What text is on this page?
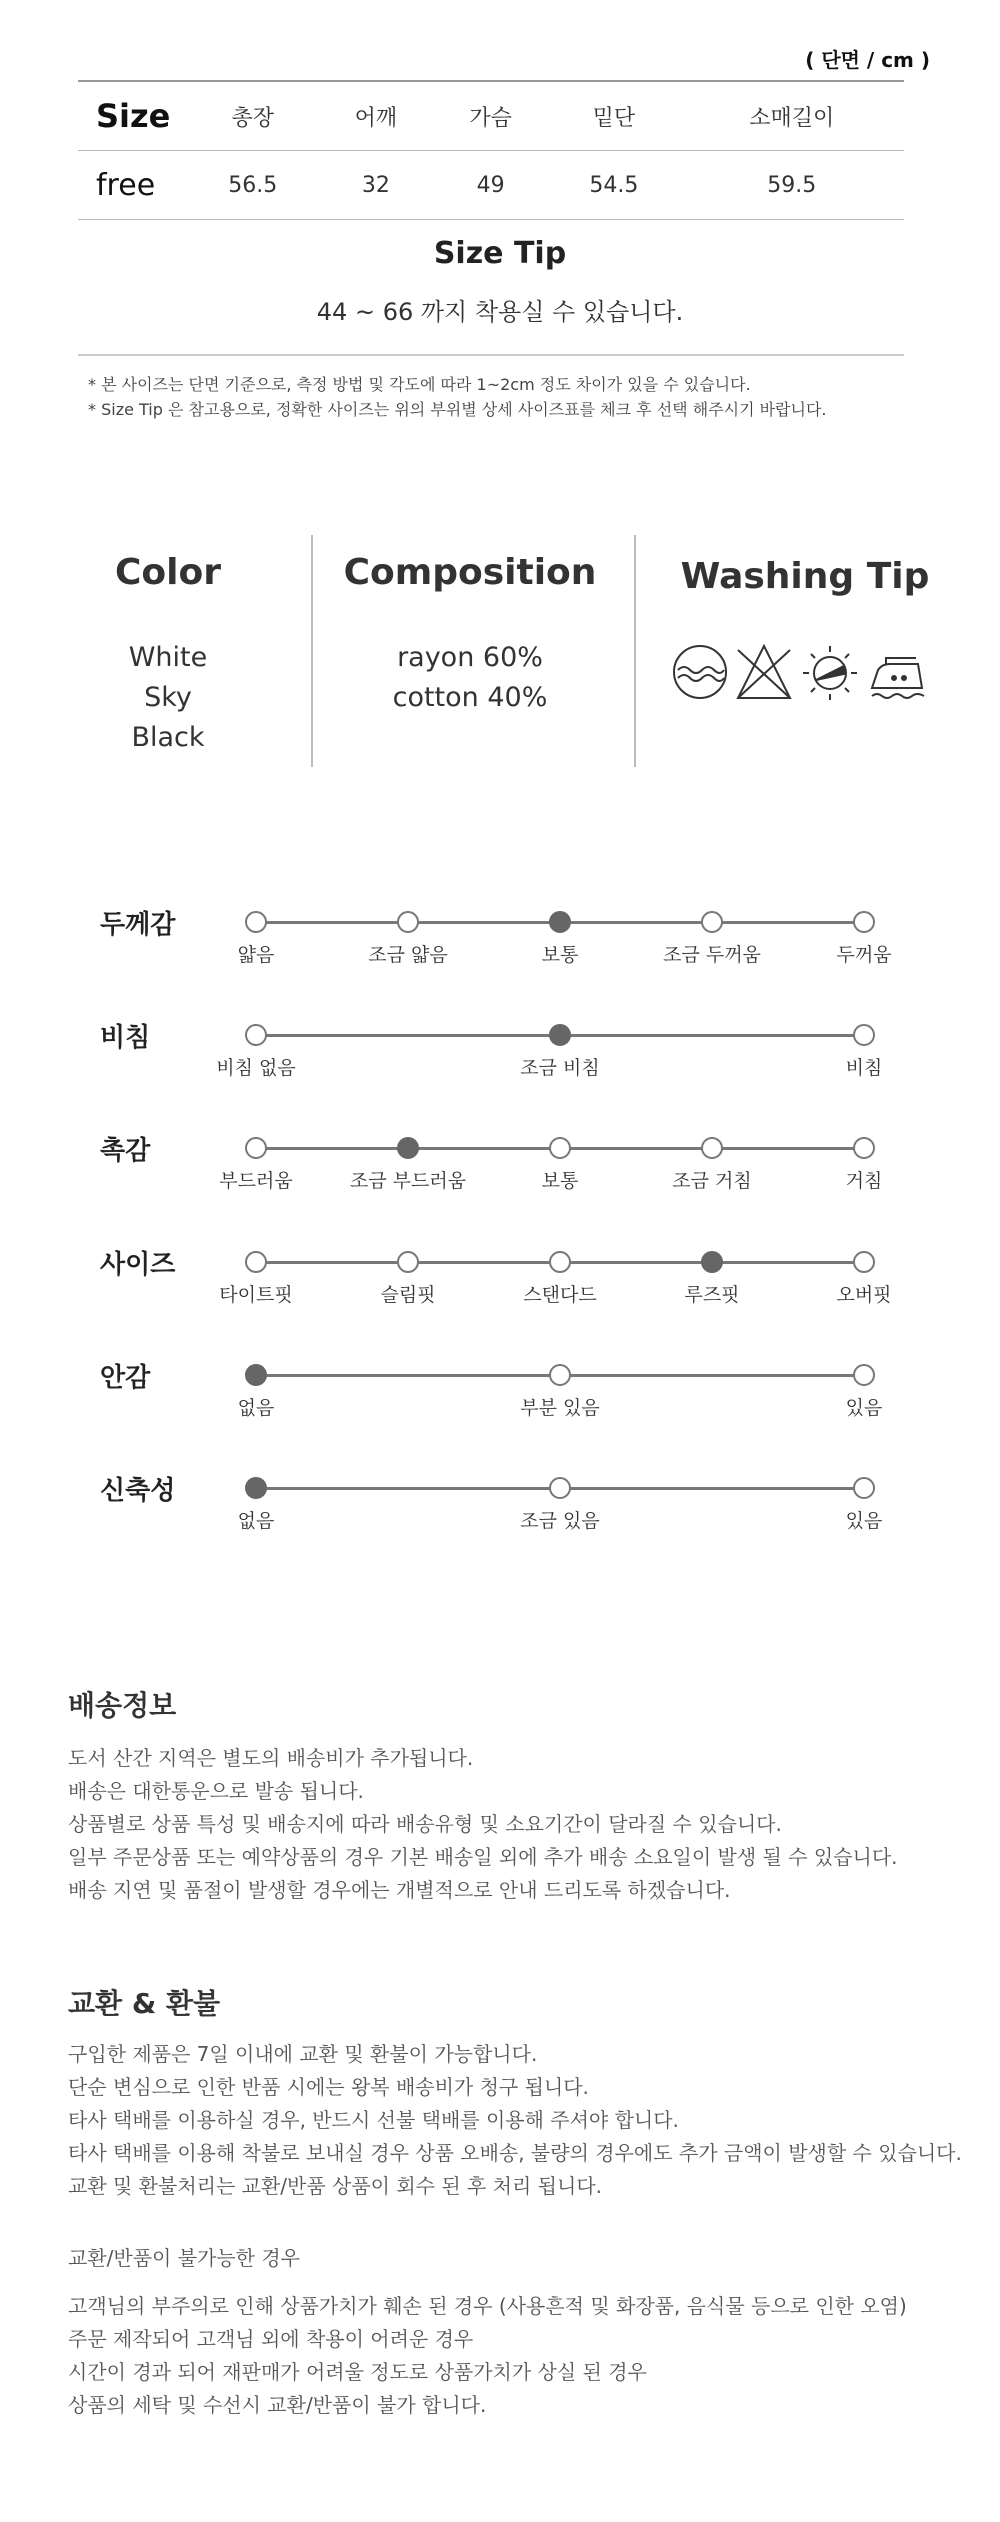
( 단면 / cm )
Size	총장	어깨	가슴	밑단	소매길이
free	56.5	32	49	54.5	59.5
Size Tip
44 ~ 66 까지 착용실 수 있습니다.
* 본 사이즈는 단면 기준으로, 측정 방법 및 각도에 따라 1~2cm 정도 차이가 있을 수 있습니다.
* Size Tip 은 참고용으로, 정확한 사이즈는 위의 부위별 상세 사이즈표를 체크 후 선택 해주시기 바랍니다.
Color
White
Sky
Black
Composition
rayon 60%
cotton 40%
Washing Tip
두께감
얇음	조금 얇음	보통	조금 두꺼움	두꺼움
비침
비침 없음	조금 비침	비침
촉감
부드러움	조금 부드러움	보통	조금 거침	거침
사이즈
타이트핏	슬림핏	스탠다드	루즈핏	오버핏
안감
없음	부분 있음	있음
신축성
없음	조금 있음	있음
배송정보
도서 산간 지역은 별도의 배송비가 추가됩니다.
배송은 대한통운으로 발송 됩니다.
상품별로 상품 특성 및 배송지에 따라 배송유형 및 소요기간이 달라질 수 있습니다.
일부 주문상품 또는 예약상품의 경우 기본 배송일 외에 추가 배송 소요일이 발생 될 수 있습니다.
배송 지연 및 품절이 발생할 경우에는 개별적으로 안내 드리도록 하겠습니다.
교환 & 환불
구입한 제품은 7일 이내에 교환 및 환불이 가능합니다.
단순 변심으로 인한 반품 시에는 왕복 배송비가 청구 됩니다.
타사 택배를 이용하실 경우, 반드시 선불 택배를 이용해 주셔야 합니다.
타사 택배를 이용해 착불로 보내실 경우 상품 오배송, 불량의 경우에도 추가 금액이 발생할 수 있습니다.
교환 및 환불처리는 교환/반품 상품이 회수 된 후 처리 됩니다.
교환/반품이 불가능한 경우
고객님의 부주의로 인해 상품가치가 훼손 된 경우 (사용흔적 및 화장품, 음식물 등으로 인한 오염)
주문 제작되어 고객님 외에 착용이 어려운 경우
시간이 경과 되어 재판매가 어려울 정도로 상품가치가 상실 된 경우
상품의 세탁 및 수선시 교환/반품이 불가 합니다.
